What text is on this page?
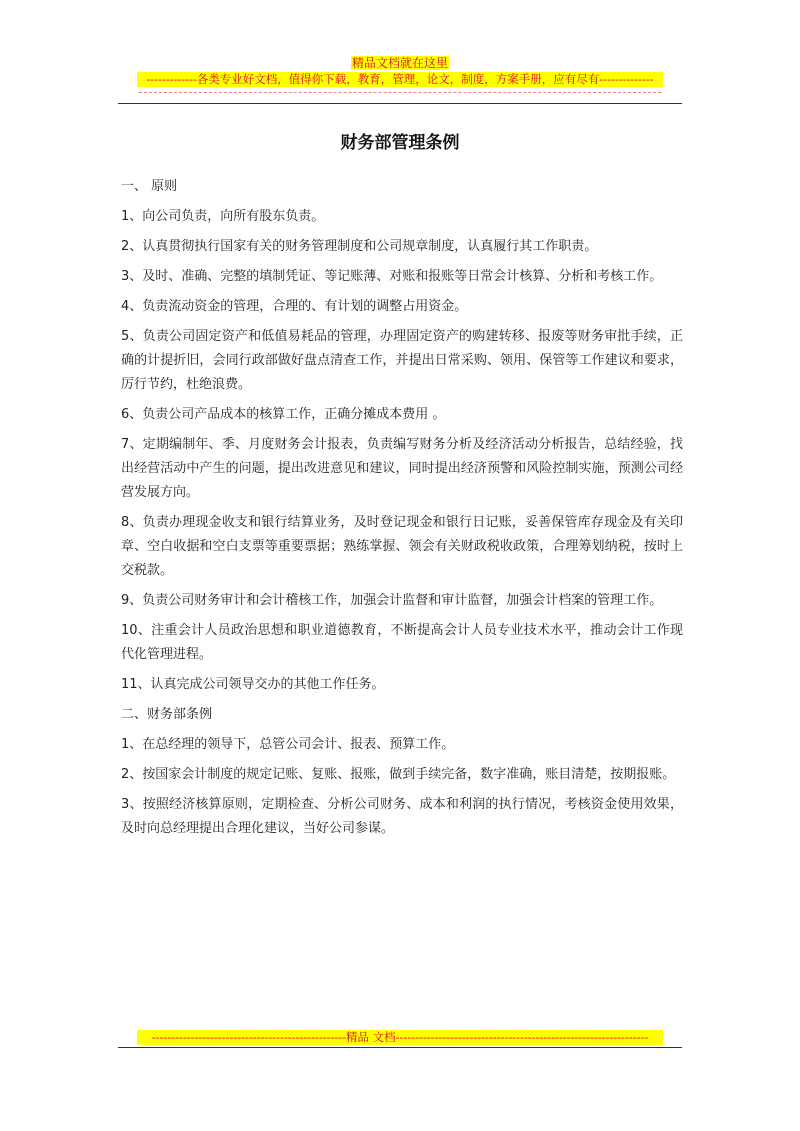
精品文档就在这里
-------------各类专业好文档，值得你下载，教育，管理，论文，制度，方案手册，应有尽有--------------
财务部管理条例

一、 原则

1、向公司负责，向所有股东负责。

2、认真贯彻执行国家有关的财务管理制度和公司规章制度，认真履行其工作职责。

3、及时、准确、完整的填制凭证、等记账薄、对账和报账等日常会计核算、分析和考核工作。

4、负责流动资金的管理，合理的、有计划的调整占用资金。

5、负责公司固定资产和低值易耗品的管理，办理固定资产的购建转移、报废等财务审批手续，正确的计提折旧，会同行政部做好盘点清查工作，并提出日常采购、领用、保管等工作建议和要求，厉行节约，杜绝浪费。

6、负责公司产品成本的核算工作，正确分摊成本费用 。

7、定期编制年、季、月度财务会计报表，负责编写财务分析及经济活动分析报告，总结经验，找出经营活动中产生的问题，提出改进意见和建议，同时提出经济预警和风险控制实施，预测公司经营发展方向。

8、负责办理现金收支和银行结算业务，及时登记现金和银行日记账，妥善保管库存现金及有关印章、空白收据和空白支票等重要票据；熟练掌握、领会有关财政税收政策，合理筹划纳税，按时上交税款。

9、负责公司财务审计和会计稽核工作，加强会计监督和审计监督，加强会计档案的管理工作。

10、注重会计人员政治思想和职业道德教育，不断提高会计人员专业技术水平，推动会计工作现代化管理进程。

11、认真完成公司领导交办的其他工作任务。

二、财务部条例

1、在总经理的领导下，总管公司会计、报表、预算工作。

2、按国家会计制度的规定记账、复账、报账，做到手续完备，数字准确，账目清楚，按期报账。

3、按照经济核算原则，定期检查、分析公司财务、成本和利润的执行情况，考核资金使用效果，及时向总经理提出合理化建议，当好公司参谋。

--------------------------------------------------精品 文档-----------------------------------------------------------------
